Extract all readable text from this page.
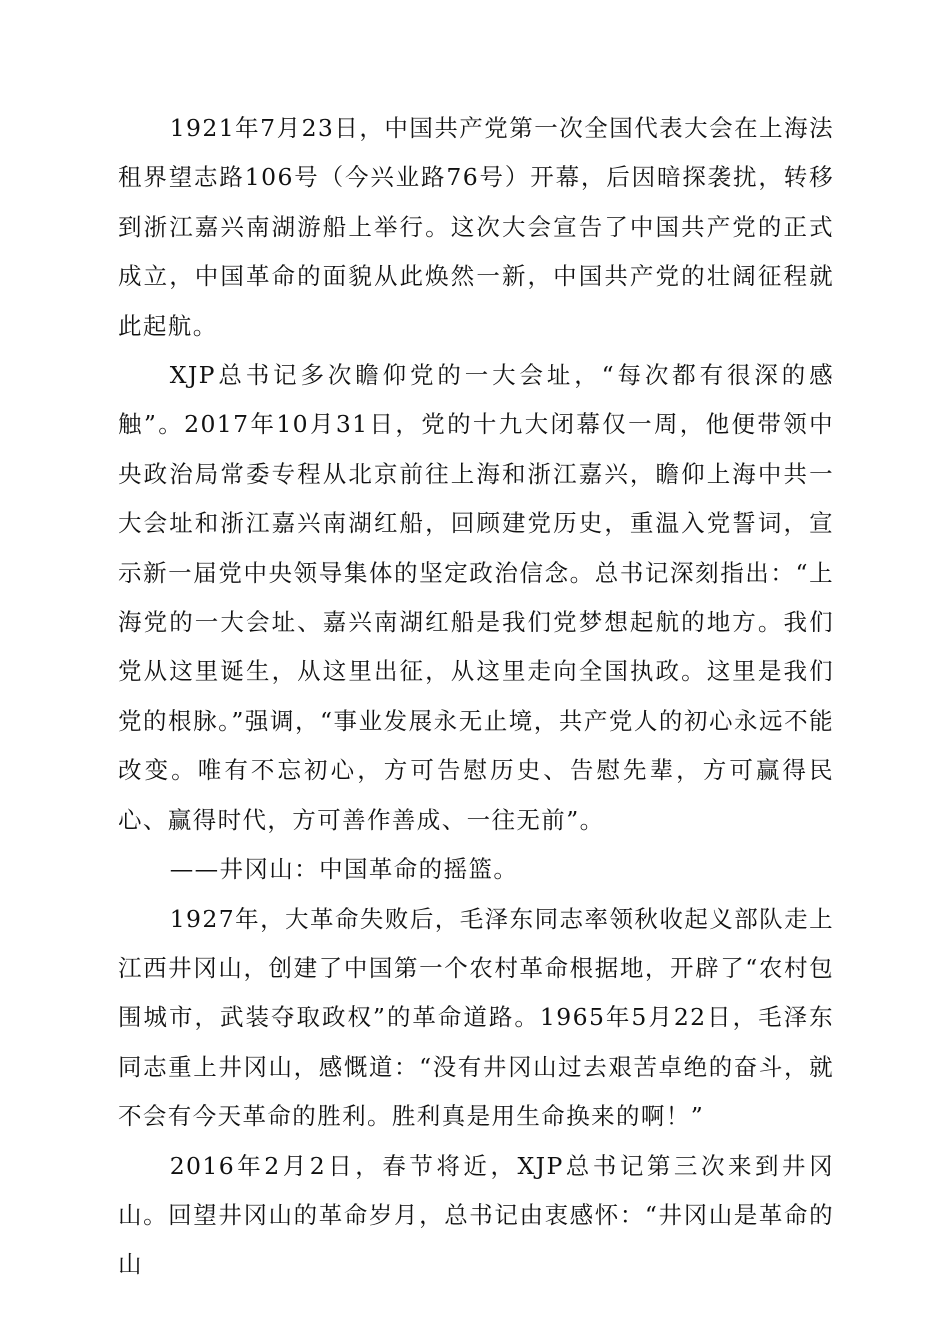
1921年7月23日，中国共产党第一次全国代表大会在上海法租界望志路106号（今兴业路76号）开幕，后因暗探袭扰，转移到浙江嘉兴南湖游船上举行。这次大会宣告了中国共产党的正式成立，中国革命的面貌从此焕然一新，中国共产党的壮阔征程就此起航。

XJP总书记多次瞻仰党的一大会址，“每次都有很深的感触”。2017年10月31日，党的十九大闭幕仅一周，他便带领中央政治局常委专程从北京前往上海和浙江嘉兴，瞻仰上海中共一大会址和浙江嘉兴南湖红船，回顾建党历史，重温入党誓词，宣示新一届党中央领导集体的坚定政治信念。总书记深刻指出：“上海党的一大会址、嘉兴南湖红船是我们党梦想起航的地方。我们党从这里诞生，从这里出征，从这里走向全国执政。这里是我们党的根脉。”强调，“事业发展永无止境，共产党人的初心永远不能改变。唯有不忘初心，方可告慰历史、告慰先辈，方可赢得民心、赢得时代，方可善作善成、一往无前”。

——井冈山：中国革命的摇篮。

1927年，大革命失败后，毛泽东同志率领秋收起义部队走上江西井冈山，创建了中国第一个农村革命根据地，开辟了“农村包围城市，武装夺取政权”的革命道路。1965年5月22日，毛泽东同志重上井冈山，感慨道：“没有井冈山过去艰苦卓绝的奋斗，就不会有今天革命的胜利。胜利真是用生命换来的啊！”

2016年2月2日，春节将近，XJP总书记第三次来到井冈山。回望井冈山的革命岁月，总书记由衷感怀：“井冈山是革命的山
